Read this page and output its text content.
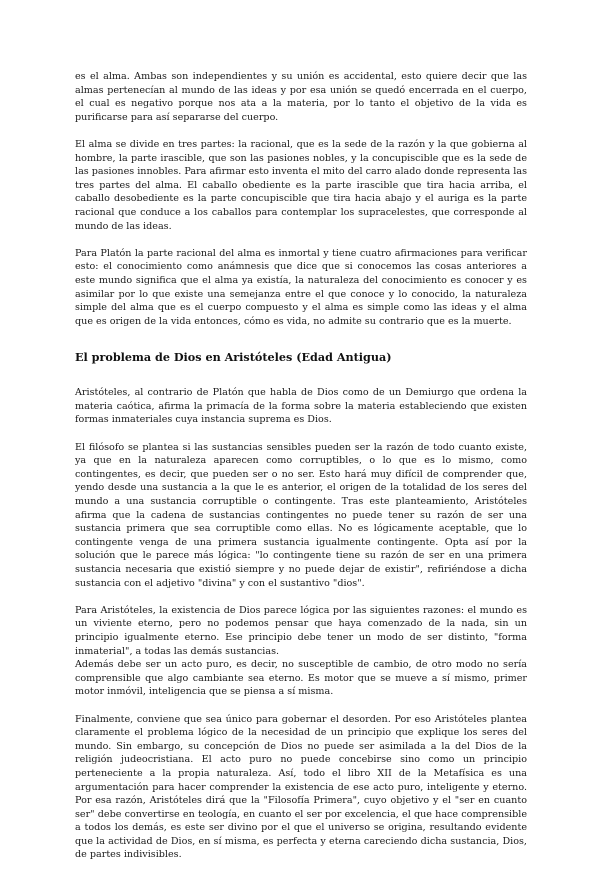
es el alma. Ambas son independientes y su unión es accidental, esto quiere decir que las almas pertenecían al mundo de las ideas y por esa unión se quedó encerrada en el cuerpo, el cual es negativo porque nos ata a la materia, por lo tanto el objetivo de la vida es purificarse para así separarse del cuerpo.

El alma se divide en tres partes: la racional, que es la sede de la razón y la que gobierna al hombre, la parte irascible, que son las pasiones nobles, y la concupiscible que es la sede de las pasiones innobles. Para afirmar esto inventa el mito del carro alado donde representa las tres partes del alma. El caballo obediente es la parte irascible que tira hacia arriba, el caballo desobediente es la parte concupiscible que tira hacia abajo y el auriga es la parte racional que conduce a los caballos para contemplar los supracelestes, que corresponde al mundo de las ideas.

Para Platón la parte racional del alma es inmortal y tiene cuatro afirmaciones para verificar esto: el conocimiento como anámnesis que dice que si conocemos las cosas anteriores a este mundo significa que el alma ya existía, la naturaleza del conocimiento es conocer y es asimilar por lo que existe una semejanza entre el que conoce y lo conocido, la naturaleza simple del alma que es el cuerpo compuesto y el alma es simple como las ideas y el alma que es origen de la vida entonces, cómo es vida, no admite su contrario que es la muerte.

El problema de Dios en Aristóteles (Edad Antigua)

Aristóteles, al contrario de Platón que habla de Dios como de un Demiurgo que ordena la materia caótica, afirma la primacía de la forma sobre la materia estableciendo que existen formas inmateriales cuya instancia suprema es Dios.

El filósofo se plantea si las sustancias sensibles pueden ser la razón de todo cuanto existe, ya que en la naturaleza aparecen como corruptibles, o lo que es lo mismo, como contingentes, es decir, que pueden ser o no ser. Esto hará muy difícil de comprender que, yendo desde una sustancia a la que le es anterior, el origen de la totalidad de los seres del mundo a una sustancia corruptible o contingente. Tras este planteamiento, Aristóteles afirma que la cadena de sustancias contingentes no puede tener su razón de ser una sustancia primera que sea corruptible como ellas. No es lógicamente aceptable, que lo contingente venga de una primera sustancia igualmente contingente. Opta así por la solución que le parece más lógica: "lo contingente tiene su razón de ser en una primera sustancia necesaria que existió siempre y no puede dejar de existir", refiriéndose a dicha sustancia con el adjetivo "divina" y con el sustantivo "dios".

Para Aristóteles, la existencia de Dios parece lógica por las siguientes razones: el mundo es un viviente eterno, pero no podemos pensar que haya comenzado de la nada, sin un principio igualmente eterno. Ese principio debe tener un modo de ser distinto, "forma inmaterial", a todas las demás sustancias.
Además debe ser un acto puro, es decir, no susceptible de cambio, de otro modo no sería comprensible que algo cambiante sea eterno. Es motor que se mueve a sí mismo, primer motor inmóvil, inteligencia que se piensa a sí misma.

Finalmente, conviene que sea único para gobernar el desorden. Por eso Aristóteles plantea claramente el problema lógico de la necesidad de un principio que explique los seres del mundo. Sin embargo, su concepción de Dios no puede ser asimilada a la del Dios de la religión judeocristiana. El acto puro no puede concebirse sino como un principio perteneciente a la propia naturaleza. Así, todo el libro XII de la Metafísica es una argumentación para hacer comprender la existencia de ese acto puro, inteligente y eterno. Por esa razón, Aristóteles dirá que la "Filosofía Primera", cuyo objetivo y el "ser en cuanto ser" debe convertirse en teología, en cuanto el ser por excelencia, el que hace comprensible a todos los demás, es este ser divino por el que el universo se origina, resultando evidente que la actividad de Dios, en sí misma, es perfecta y eterna careciendo dicha sustancia, Dios, de partes indivisibles.
